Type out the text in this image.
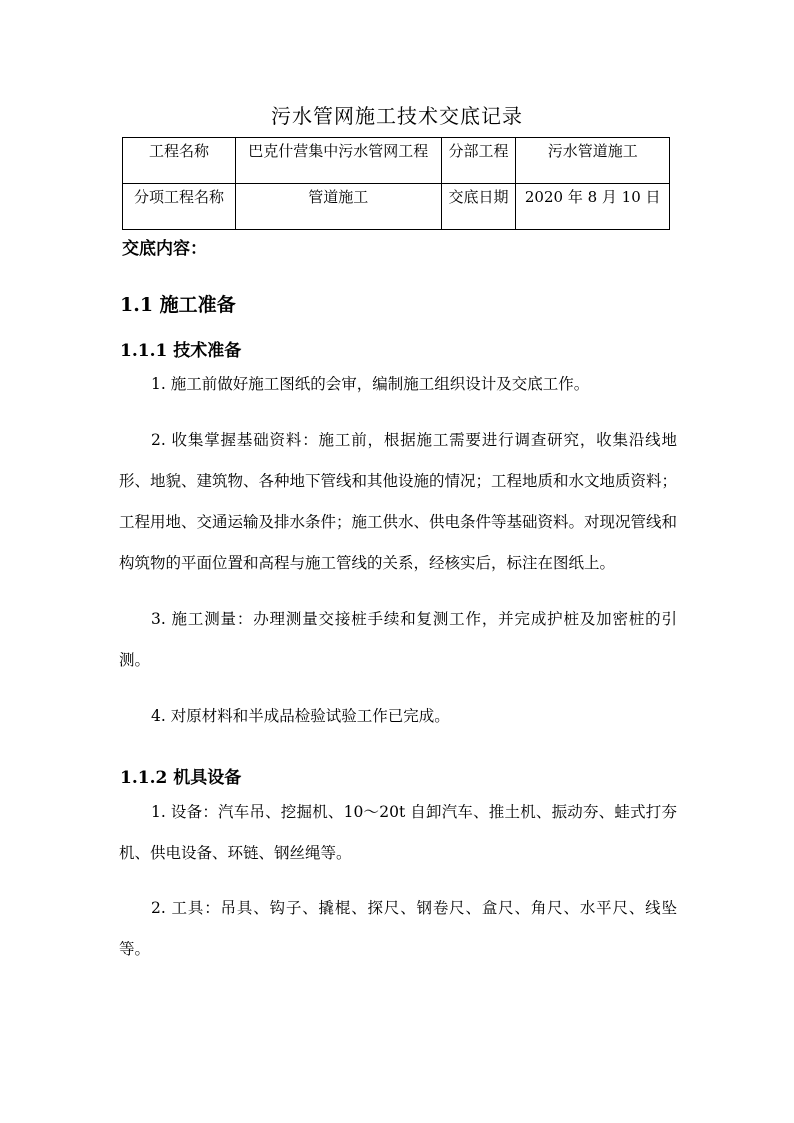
污水管网施工技术交底记录
工程名称	巴克什营集中污水管网工程	分部工程	污水管道施工
分项工程名称	管道施工	交底日期	2020 年 8 月 10 日
交底内容：
1.1 施工准备
1.1.1 技术准备
1. 施工前做好施工图纸的会审，编制施工组织设计及交底工作。
2. 收集掌握基础资料：施工前，根据施工需要进行调查研究，收集沿线地形、地貌、建筑物、各种地下管线和其他设施的情况；工程地质和水文地质资料；工程用地、交通运输及排水条件；施工供水、供电条件等基础资料。对现况管线和构筑物的平面位置和高程与施工管线的关系，经核实后，标注在图纸上。
3. 施工测量：办理测量交接桩手续和复测工作，并完成护桩及加密桩的引测。
4. 对原材料和半成品检验试验工作已完成。
1.1.2 机具设备
1. 设备：汽车吊、挖掘机、10～20t 自卸汽车、推土机、振动夯、蛙式打夯机、供电设备、环链、钢丝绳等。
2. 工具：吊具、钩子、撬棍、探尺、钢卷尺、盒尺、角尺、水平尺、线坠等。
